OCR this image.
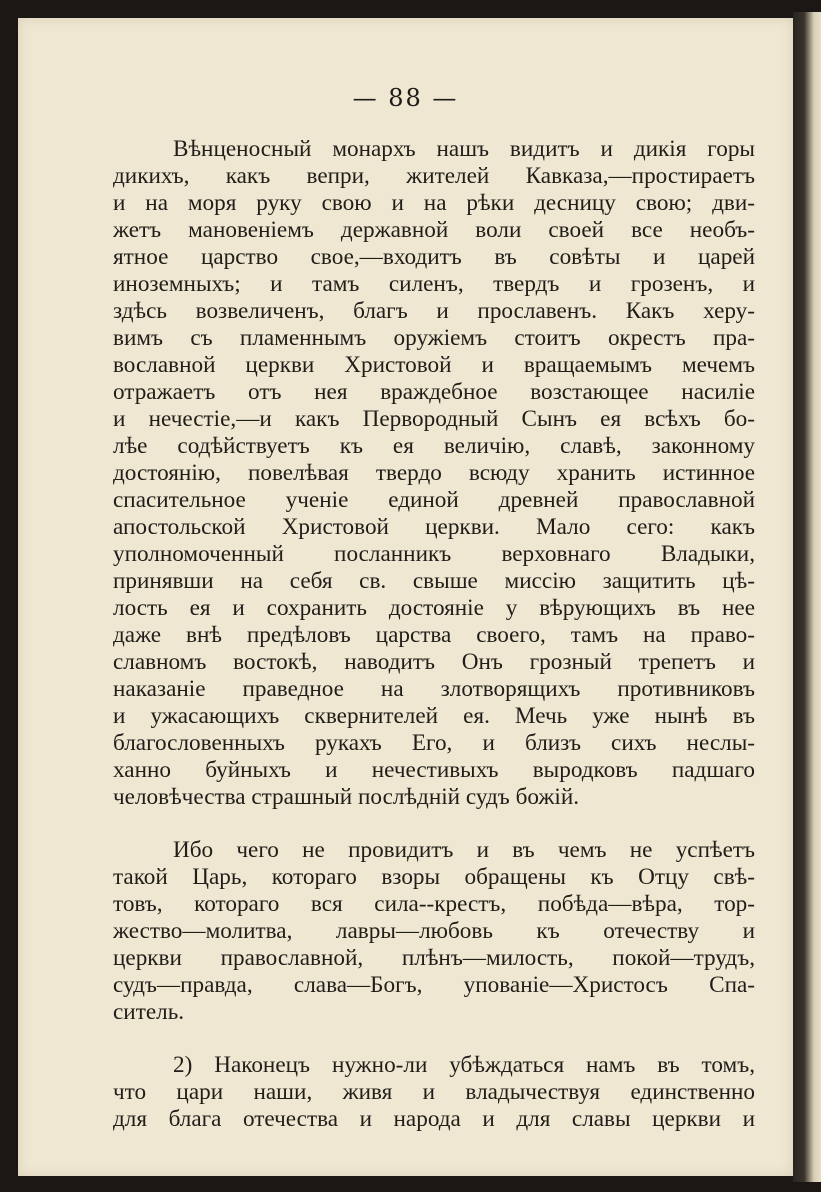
— 88 —

Вѣнценосный монархъ нашъ видитъ и дикія горы
дикихъ, какъ вепри, жителей Кавказа,—простираетъ
и на моря руку свою и на рѣки десницу свою; дви-
жетъ мановеніемъ державной воли своей все необъ-
ятное царство свое,—входитъ въ совѣты и царей
иноземныхъ; и тамъ силенъ, твердъ и грозенъ, и
здѣсь возвеличенъ, благъ и прославенъ. Какъ херу-
вимъ съ пламеннымъ оружіемъ стоитъ окрестъ пра-
вославной церкви Христовой и вращаемымъ мечемъ
отражаетъ отъ нея враждебное возстающее насиліе
и нечестіе,—и какъ Первородный Сынъ ея всѣхъ бо-
лѣе содѣйствуетъ къ ея величію, славѣ, законному
достоянію, повелѣвая твердо всюду хранить истинное
спасительное ученіе единой древней православной
апостольской Христовой церкви. Мало сего: какъ
уполномоченный посланникъ верховнаго Владыки,
принявши на себя св. свыше миссію защитить цѣ-
лость ея и сохранить достояніе у вѣрующихъ въ нее
даже внѣ предѣловъ царства своего, тамъ на право-
славномъ востокѣ, наводитъ Онъ грозный трепетъ и
наказаніе праведное на злотворящихъ противниковъ
и ужасающихъ сквернителей ея. Мечь уже нынѣ въ
благословенныхъ рукахъ Его, и близъ сихъ неслы-
ханно буйныхъ и нечестивыхъ выродковъ падшаго
человѣчества страшный послѣдній судъ божій.

Ибо чего не провидитъ и въ чемъ не успѣетъ
такой Царь, котораго взоры обращены къ Отцу свѣ-
товъ, котораго вся сила--крестъ, побѣда—вѣра, тор-
жество—молитва, лавры—любовь къ отечеству и
церкви православной, плѣнъ—милость, покой—трудъ,
судъ—правда, слава—Богъ, упованіе—Христосъ Спа-
ситель.

2) Наконецъ нужно-ли убѣждаться намъ въ томъ,
что цари наши, живя и владычествуя единственно
для блага отечества и народа и для славы церкви и
